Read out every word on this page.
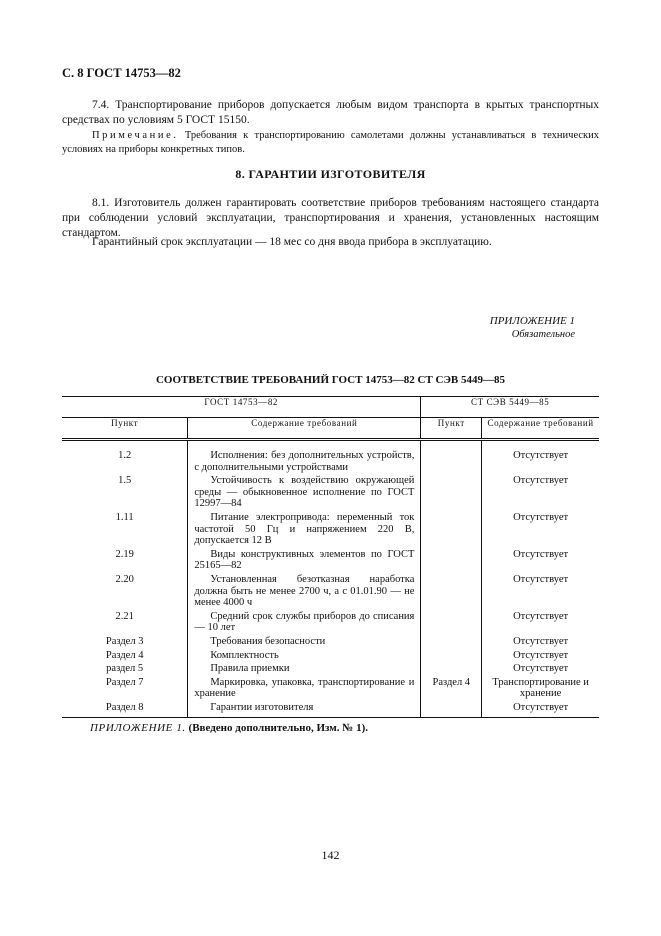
С. 8 ГОСТ 14753—82
7.4. Транспортирование приборов допускается любым видом транспорта в крытых транспортных средствах по условиям 5 ГОСТ 15150.
Примечание. Требования к транспортированию самолетами должны устанавливаться в технических условиях на приборы конкретных типов.
8. ГАРАНТИИ ИЗГОТОВИТЕЛЯ
8.1. Изготовитель должен гарантировать соответствие приборов требованиям настоящего стандарта при соблюдении условий эксплуатации, транспортирования и хранения, установленных настоящим стандартом.
Гарантийный срок эксплуатации — 18 мес со дня ввода прибора в эксплуатацию.
ПРИЛОЖЕНИЕ 1
Обязательное
СООТВЕТСТВИЕ ТРЕБОВАНИЙ ГОСТ 14753—82 СТ СЭВ 5449—85
ГОСТ 14753—82		СТ СЭВ 5449—85	
Пункт	Содержание требований	Пункт	Содержание требований
1.2	Исполнения: без дополнительных устройств, с дополнительными устройствами		Отсутствует
1.5	Устойчивость к воздействию окружающей среды — обыкновенное исполнение по ГОСТ 12997—84		Отсутствует
1.11	Питание электропривода: переменный ток частотой 50 Гц и напряжением 220 В, допускается 12 В		Отсутствует
2.19	Виды конструктивных элементов по ГОСТ 25165—82		Отсутствует
2.20	Установленная безотказная наработка должна быть не менее 2700 ч, а с 01.01.90 — не менее 4000 ч		Отсутствует
2.21	Средний срок службы приборов до списания — 10 лет		Отсутствует
Раздел 3	Требования безопасности		Отсутствует
Раздел 4	Комплектность		Отсутствует
раздел 5	Правила приемки		Отсутствует
Раздел 7	Маркировка, упаковка, транспортирование и хранение	Раздел 4	Транспортирование и хранение
Раздел 8	Гарантии изготовителя		Отсутствует
ПРИЛОЖЕНИЕ 1. (Введено дополнительно, Изм. № 1).
142
